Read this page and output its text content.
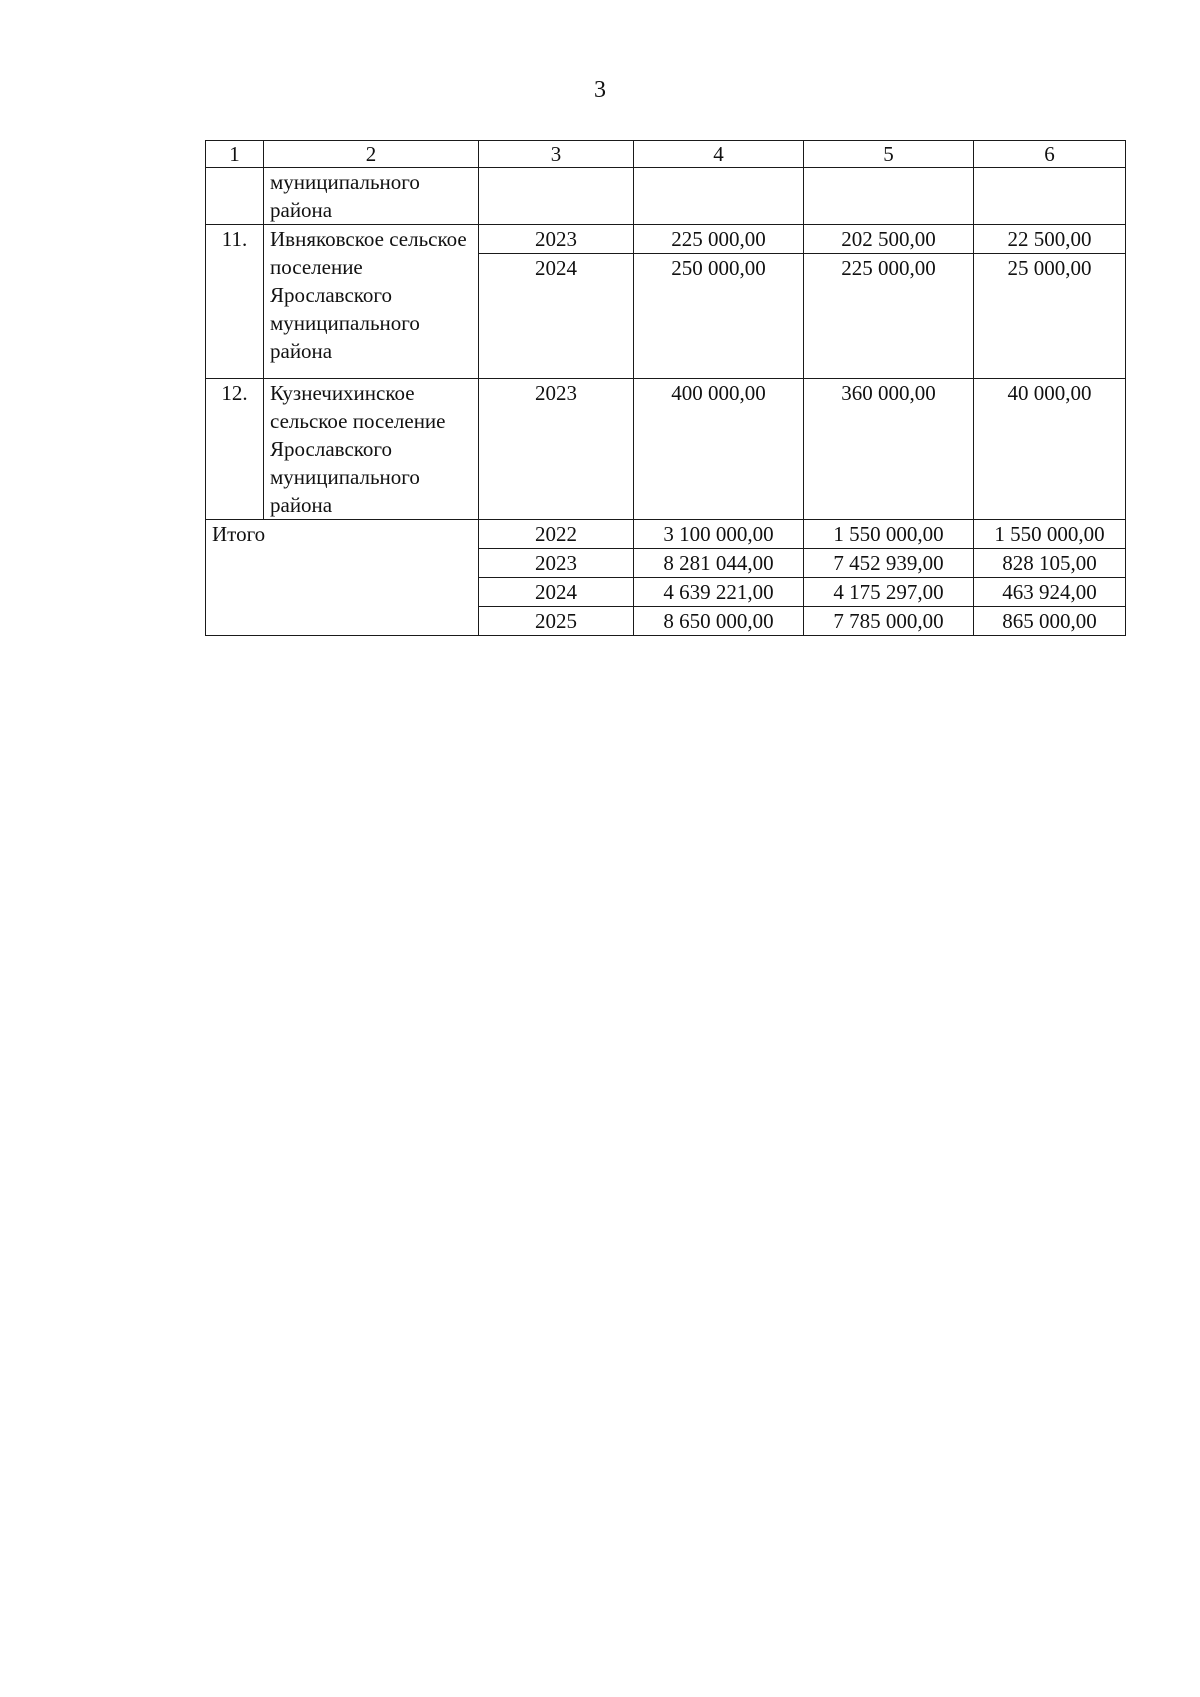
3
1	2	3	4	5	6
	муниципального района				
11.	Ивняковское сельское поселение Ярославского муниципального района	2023	225 000,00	202 500,00	22 500,00
		2024	250 000,00	225 000,00	25 000,00
12.	Кузнечихинское сельское поселение Ярославского муниципального района	2023	400 000,00	360 000,00	40 000,00
Итого		2022	3 100 000,00	1 550 000,00	1 550 000,00
		2023	8 281 044,00	7 452 939,00	828 105,00
		2024	4 639 221,00	4 175 297,00	463 924,00
		2025	8 650 000,00	7 785 000,00	865 000,00
